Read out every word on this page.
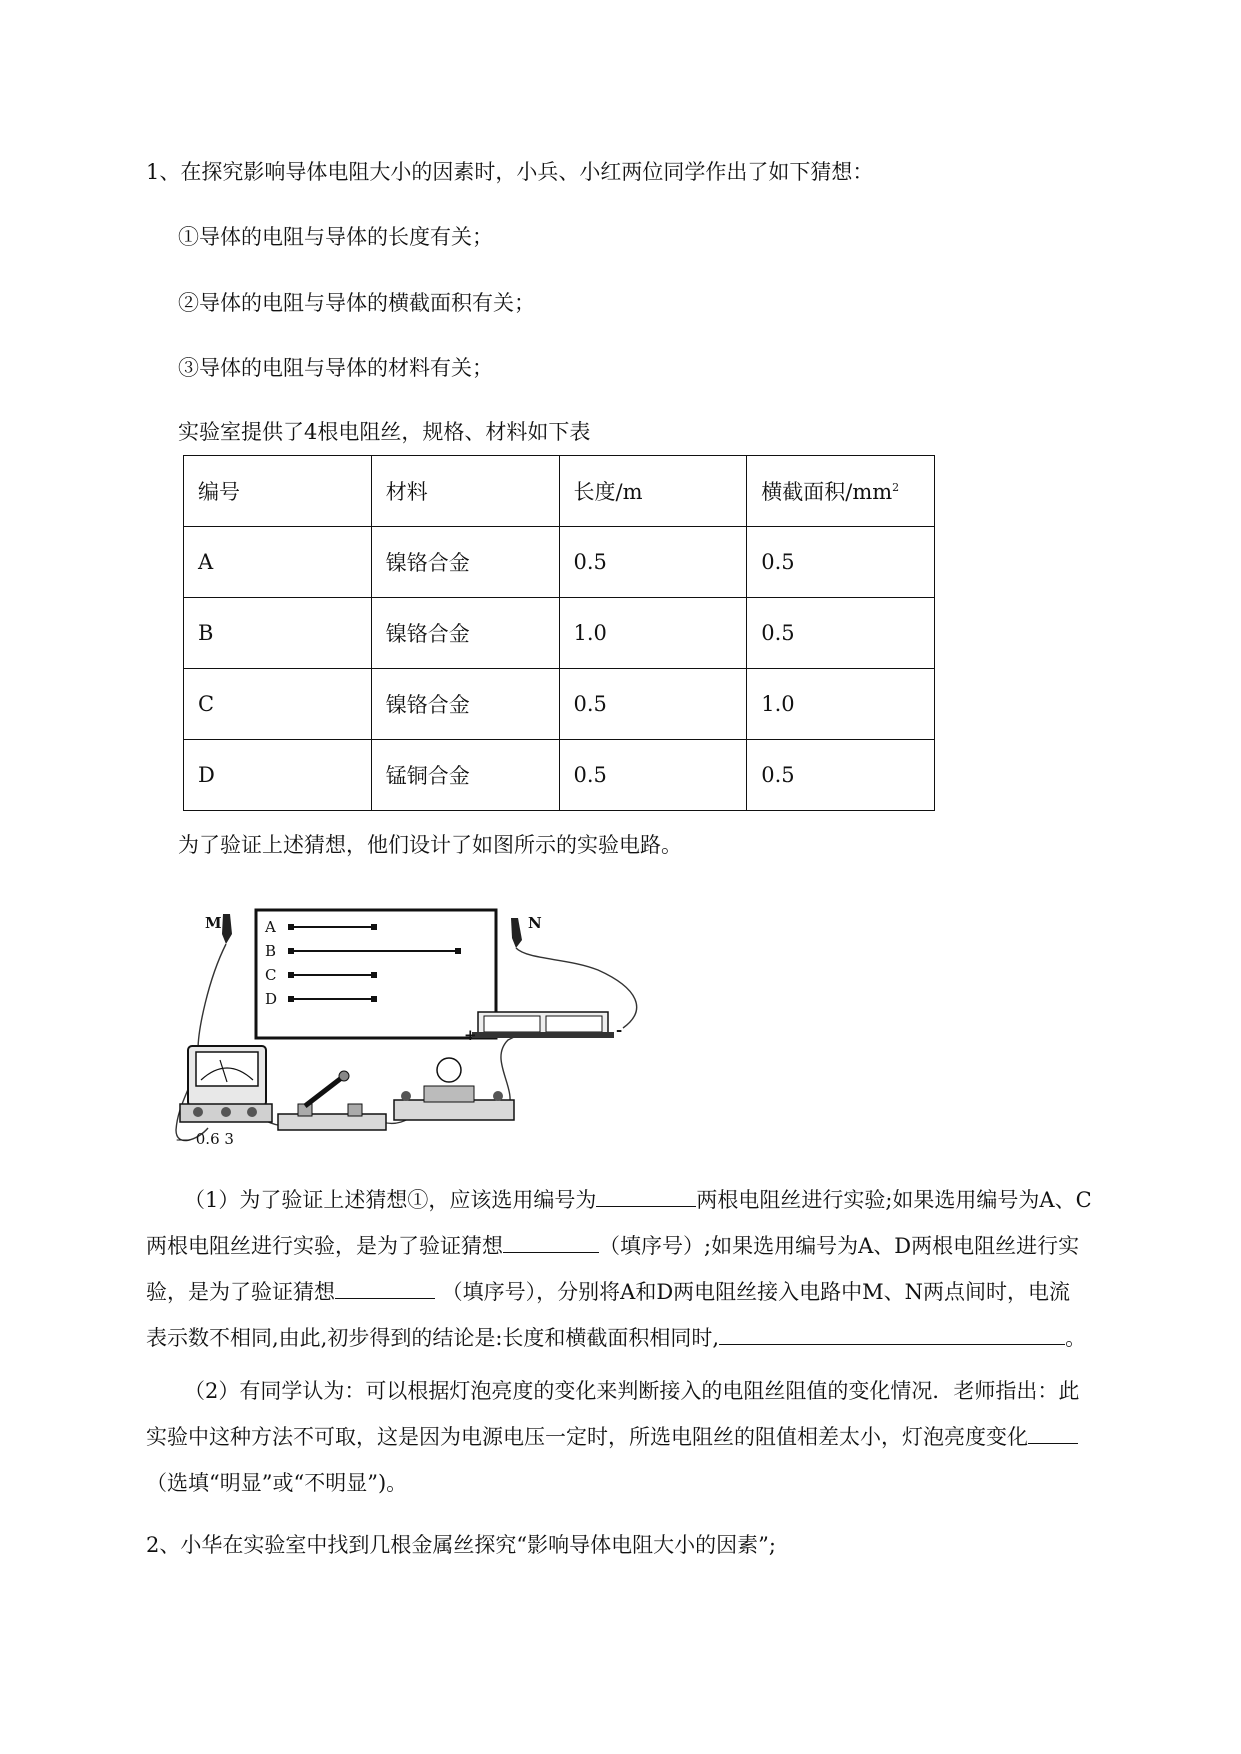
1、在探究影响导体电阻大小的因素时，小兵、小红两位同学作出了如下猜想：
①导体的电阻与导体的长度有关；
②导体的电阻与导体的横截面积有关；
③导体的电阻与导体的材料有关；
实验室提供了4根电阻丝，规格、材料如下表
编号	材料	长度/m	横截面积$/mm^2$
A	镍铬合金	0.5	0.5
B	镍铬合金	1.0	0.5
C	镍铬合金	0.5	1.0
D	锰铜合金	0.5	0.5
为了验证上述猜想，他们设计了如图所示的实验电路。
A
B
C
D
M	N
— 0.6 3
+	-
（1）为了验证上述猜想①，应该选用编号为	两根电阻丝进行实验;如果选用编号为A、C
两根电阻丝进行实验，是为了验证猜想	（填序号）;如果选用编号为A、D两根电阻丝进行实
验，是为了验证猜想	（填序号），分别将A和D两电阻丝接入电路中M、N两点间时，电流
表示数不相同,由此,初步得到的结论是:长度和横截面积相同时,	。
（2）有同学认为：可以根据灯泡亮度的变化来判断接入的电阻丝阻值的变化情况．老师指出：此
实验中这种方法不可取，这是因为电源电压一定时，所选电阻丝的阻值相差太小，灯泡亮度变化
（选填“明显”或“不明显”)。
2、小华在实验室中找到几根金属丝探究“影响导体电阻大小的因素”;
